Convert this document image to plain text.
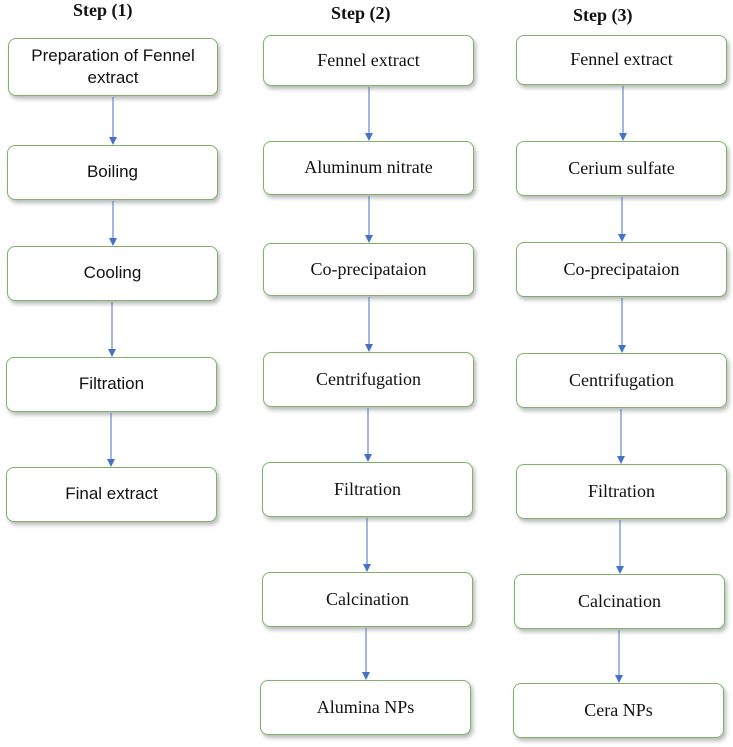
Step (1)	Step (2)	Step (3)
Preparation of Fennel extract
Boiling
Cooling
Filtration
Final extract
Fennel extract
Aluminum nitrate
Co-precipataion
Centrifugation
Filtration
Calcination
Alumina NPs
Fennel extract
Cerium sulfate
Co-precipataion
Centrifugation
Filtration
Calcination
Cera NPs
